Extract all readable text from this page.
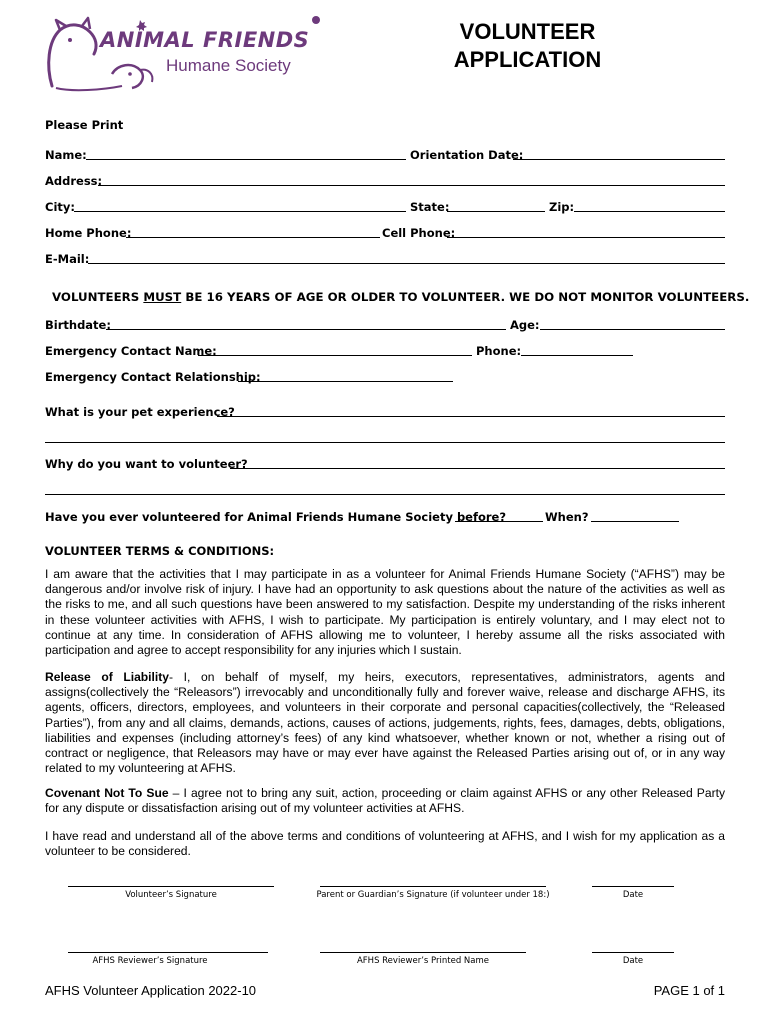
ANIMAL FRIENDS
Humane Society
VOLUNTEER
APPLICATION
Please Print
Name:	Orientation Date:
Address:
City:	State:	Zip:
Home Phone:	Cell Phone:
E-Mail:
VOLUNTEERS MUST BE 16 YEARS OF AGE OR OLDER TO VOLUNTEER. WE DO NOT MONITOR VOLUNTEERS.
Birthdate:	Age:
Emergency Contact Name:	Phone:
Emergency Contact Relationship:
What is your pet experience?
Why do you want to volunteer?
Have you ever volunteered for Animal Friends Humane Society before?	When?
VOLUNTEER TERMS & CONDITIONS:
I am aware that the activities that I may participate in as a volunteer for Animal Friends Humane Society (“AFHS”) may be dangerous and/or involve risk of injury. I have had an opportunity to ask questions about the nature of the activities as well as the risks to me, and all such questions have been answered to my satisfaction. Despite my understanding of the risks inherent in these volunteer activities with AFHS, I wish to participate. My participation is entirely voluntary, and I may elect not to continue at any time. In consideration of AFHS allowing me to volunteer, I hereby assume all the risks associated with participation and agree to accept responsibility for any injuries which I sustain.
Release of Liability- I, on behalf of myself, my heirs, executors, representatives, administrators, agents and assigns(collectively the “Releasors”) irrevocably and unconditionally fully and forever waive, release and discharge AFHS, its agents, officers, directors, employees, and volunteers in their corporate and personal capacities(collectively, the “Released Parties”), from any and all claims, demands, actions, causes of actions, judgements, rights, fees, damages, debts, obligations, liabilities and expenses (including attorney’s fees) of any kind whatsoever, whether known or not, whether a rising out of contract or negligence, that Releasors may have or may ever have against the Released Parties arising out of, or in any way related to my volunteering at AFHS.
Covenant Not To Sue – I agree not to bring any suit, action, proceeding or claim against AFHS or any other Released Party for any dispute or dissatisfaction arising out of my volunteer activities at AFHS.
I have read and understand all of the above terms and conditions of volunteering at AFHS, and I wish for my application as a volunteer to be considered.
Volunteer’s Signature	Parent or Guardian’s Signature (if volunteer under 18:)	Date
AFHS Reviewer’s Signature	AFHS Reviewer’s Printed Name	Date
AFHS Volunteer Application 2022-10	PAGE 1 of 1
